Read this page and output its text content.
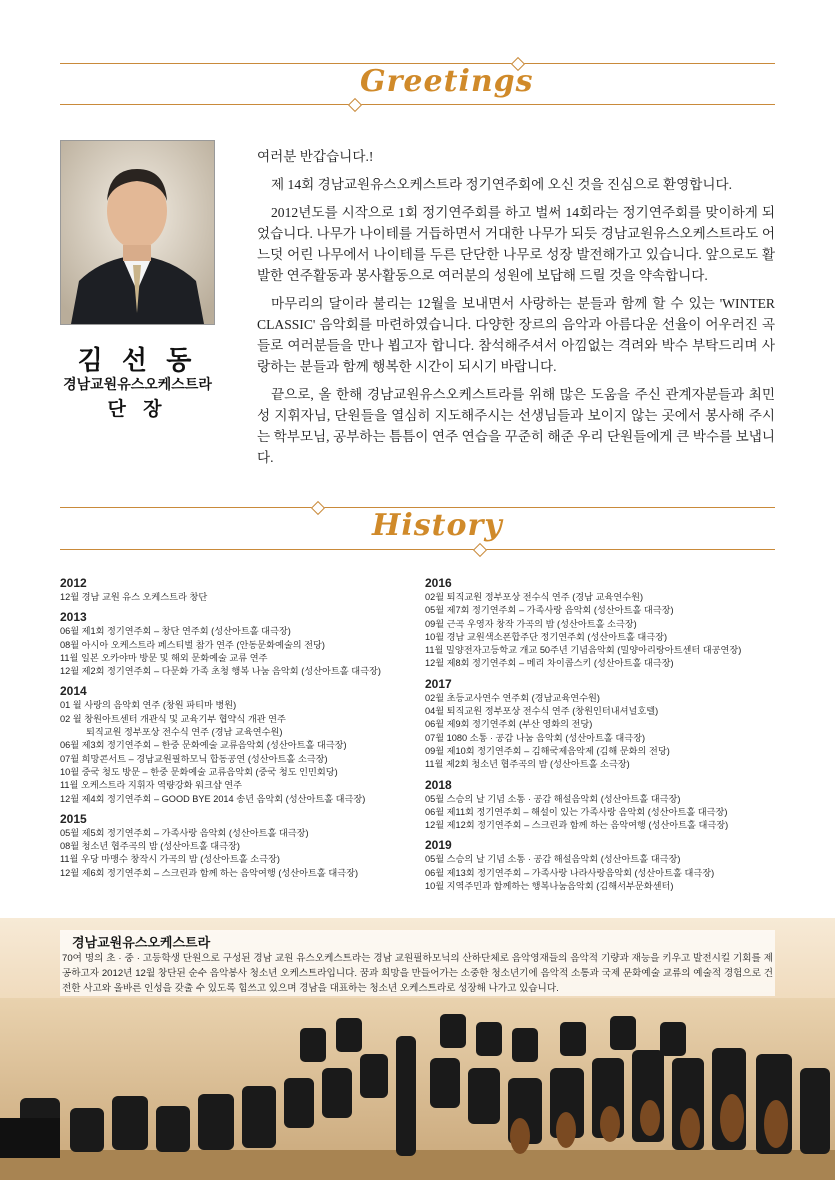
Greetings
김 선 동
경남교원유스오케스트라
단 장

여러분 반갑습니다.!

제 14회 경남교원유스오케스트라 정기연주회에 오신 것을 진심으로 환영합니다.

2012년도를 시작으로 1회 정기연주회를 하고 벌써 14회라는 정기연주회를 맞이하게 되었습니다. 나무가 나이테를 거듭하면서 거대한 나무가 되듯 경남교원유스오케스트라도 어느덧 어린 나무에서 나이테를 두른 단단한 나무로 성장 발전해가고 있습니다. 앞으로도 활발한 연주활동과 봉사활동으로 여러분의 성원에 보답해 드릴 것을 약속합니다.

마무리의 달이라 불리는 12월을 보내면서 사랑하는 분들과 함께 할 수 있는 'WINTER CLASSIC' 음악회를 마련하였습니다. 다양한 장르의 음악과 아름다운 선율이 어우러진 곡들로 여러분들을 만나 뵙고자 합니다. 참석해주셔서 아낌없는 격려와 박수 부탁드리며 사랑하는 분들과 함께 행복한 시간이 되시기 바랍니다.

끝으로, 올 한해 경남교원유스오케스트라를 위해 많은 도움을 주신 관계자분들과 최민성 지휘자님, 단원들을 열심히 지도해주시는 선생님들과 보이지 않는 곳에서 봉사해 주시는 학부모님, 공부하는 틈틈이 연주 연습을 꾸준히 해준 우리 단원들에게 큰 박수를 보냅니다.

History
2012
12월 경남 교원 유스 오케스트라 창단
2013
06월 제1회 정기연주회 – 창단 연주회 (성산아트홀 대극장)
08월 아시아 오케스트라 페스티벌 참가 연주 (안동문화예술의 전당)
11월 일본 오카야마 방문 및 해외 문화예술 교류 연주
12월 제2회 정기연주회 – 다문화 가족 초청 행복 나눔 음악회 (성산아트홀 대극장)
2014
01 월 사랑의 음악회 연주 (창원 파티마 병원)
02 월 창원아트센터 개관식 및 교육기부 협약식 개관 연주
퇴직교원 정부포상 전수식 연주 (경남 교육연수원)
06월 제3회 정기연주회 – 한중 문화예술 교류음악회 (성산아트홀 대극장)
07월 희망콘서트 – 경남교원필하모닉 합동공연 (성산아트홀 소극장)
10월 중국 청도 방문 – 한중 문화예술 교류음악회 (중국 청도 인민회당)
11월 오케스트라 지휘자 역량강화 워크샵 연주
12월 제4회 정기연주회 – GOOD BYE 2014 송년 음악회 (성산아트홀 대극장)
2015
05월 제5회 정기연주회 – 가족사랑 음악회 (성산아트홀 대극장)
08월 청소년 협주곡의 밤 (성산아트홀 대극장)
11월 우당 마맹수 창작시 가곡의 밤 (성산아트홀 소극장)
12월 제6회 정기연주회 – 스크린과 함께 하는 음악여행 (성산아트홀 대극장)
2016
02월 퇴직교원 정부포상 전수식 연주 (경남 교육연수원)
05월 제7회 정기연주회 – 가족사랑 음악회 (성산아트홀 대극장)
09월 근곡 우영자 창작 가곡의 밤 (성산아트홀 소극장)
10월 경남 교원색소폰합주단 정기연주회 (성산아트홀 대극장)
11월 밀양전자고등학교 개교 50주년 기념음악회 (밀양아리랑아트센터 대공연장)
12월 제8회 정기연주회 – 메리 차이콥스키 (성산아트홀 대극장)
2017
02월 초등교사연수 연주회 (경남교육연수원)
04월 퇴직교원 정부포상 전수식 연주 (창원인터내셔널호텔)
06월 제9회 정기연주회 (부산 영화의 전당)
07월 1080 소통 · 공감 나눔 음악회 (성산아트홀 대극장)
09월 제10회 정기연주회 – 김해국제음악제 (김해 문화의 전당)
11월 제2회 청소년 협주곡의 밤 (성산아트홀 소극장)
2018
05월 스승의 날 기념 소통 · 공감 해설음악회 (성산아트홀 대극장)
06월 제11회 정기연주회 – 해설이 있는 가족사랑 음악회 (성산아트홀 대극장)
12월 제12회 정기연주회 – 스크린과 함께 하는 음악여행 (성산아트홀 대극장)
2019
05월 스승의 날 기념 소통 · 공감 해설음악회 (성산아트홀 대극장)
06월 제13회 정기연주회 – 가족사랑 나라사랑음악회 (성산아트홀 대극장)
10월 지역주민과 함께하는 행복나눔음악회 (김해서부문화센터)
경남교원유스오케스트라
70여 명의 초 · 중 · 고등학생 단원으로 구성된 경남 교원 유스오케스트라는 경남 교원필하모닉의 산하단체로 음악영재들의 음악적 기량과 재능을 키우고 발전시킬 기회를 제공하고자 2012년 12월 창단된 순수 음악봉사 청소년 오케스트라입니다. 꿈과 희망을 만들어가는 소중한 청소년기에 음악적 소통과 국제 문화예술 교류의 예술적 경험으로 건전한 사고와 올바른 인성을 갖출 수 있도록 힘쓰고 있으며 경남을 대표하는 청소년 오케스트라로 성장해 나가고 있습니다.
